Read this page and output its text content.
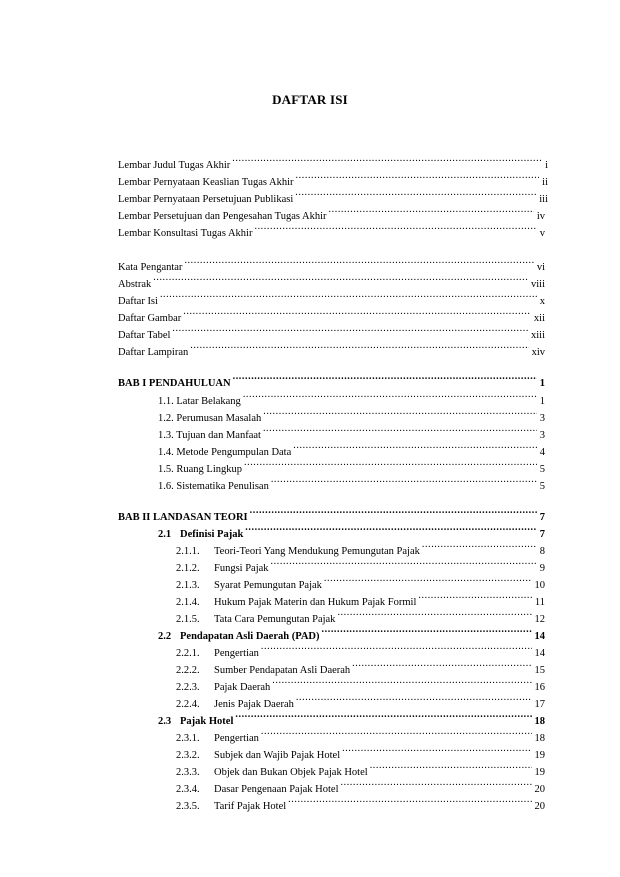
DAFTAR ISI
Lembar Judul Tugas Akhir .....	i
Lembar Pernyataan Keaslian Tugas Akhir .....	ii
Lembar Pernyataan Persetujuan Publikasi .....	iii
Lembar Persetujuan dan Pengesahan Tugas Akhir .....	iv
Lembar Konsultasi Tugas Akhir .....	v
Kata Pengantar .....	vi
Abstrak .....	viii
Daftar Isi .....	x
Daftar Gambar .....	xii
Daftar Tabel .....	xiii
Daftar Lampiran .....	xiv
BAB I PENDAHULUAN .....	1
1.1. Latar Belakang .....	1
1.2. Perumusan Masalah .....	3
1.3. Tujuan dan Manfaat .....	3
1.4. Metode Pengumpulan Data .....	4
1.5. Ruang Lingkup .....	5
1.6. Sistematika Penulisan .....	5
BAB II LANDASAN TEORI .....	7
2.1 Definisi Pajak .....	7
2.1.1. Teori-Teori Yang Mendukung Pemungutan Pajak .....	8
2.1.2. Fungsi Pajak .....	9
2.1.3. Syarat Pemungutan Pajak .....	10
2.1.4. Hukum Pajak Materin dan Hukum Pajak Formil .....	11
2.1.5. Tata Cara Pemungutan Pajak .....	12
2.2 Pendapatan Asli Daerah (PAD) .....	14
2.2.1. Pengertian .....	14
2.2.2. Sumber Pendapatan Asli Daerah .....	15
2.2.3. Pajak Daerah .....	16
2.2.4. Jenis Pajak Daerah .....	17
2.3 Pajak Hotel .....	18
2.3.1. Pengertian .....	18
2.3.2. Subjek dan Wajib Pajak Hotel .....	19
2.3.3. Objek dan Bukan Objek Pajak Hotel .....	19
2.3.4. Dasar Pengenaan Pajak Hotel .....	20
2.3.5. Tarif Pajak Hotel .....	20
